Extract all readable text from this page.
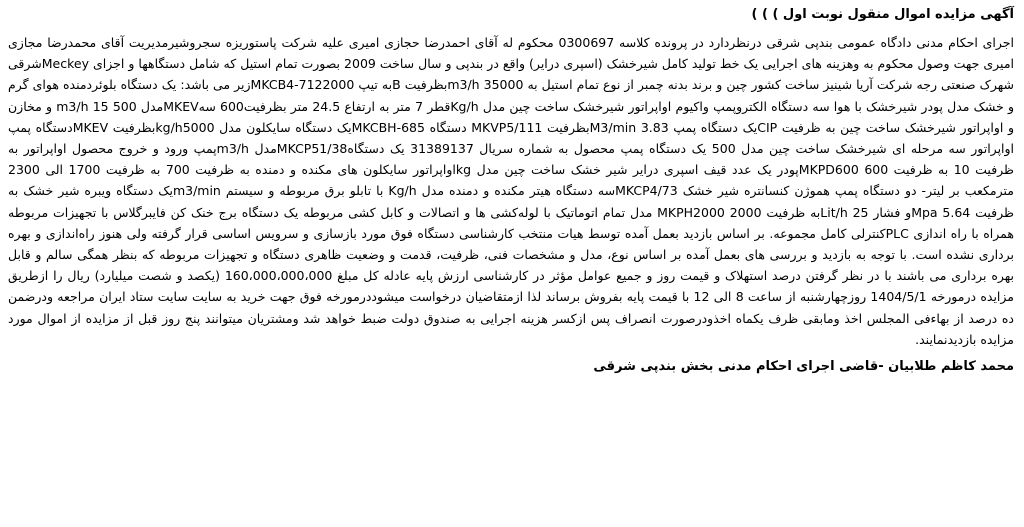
آگهی مزایده اموال منقول نوبت اول ) ) )

اجرای احکام مدنی دادگاه عمومی بندپی شرقی درنظردارد در پرونده کلاسه 0300697 محکوم له آقای احمدرضا حجازی امیری علیه شرکت پاستوریزه سجروشیرمدیریت آقای محمدرضا مجازی امیری جهت وصول محکوم به وهزینه های اجرایی یک خط تولید کامل شیرخشک (اسپری درایر) واقع در بندپی و سال ساخت 2009 بصورت تمام استیل که شامل دستگاهها و اجزای Meckeyشرقی شهرک صنعتی رجه شرکت آریا شینیز ساخت کشور چین و برند بدنه چمبر از نوع تمام استیل به 35000 m3/hبظرفیت Bبه تیپ MKCB4-7122000زیر می باشد: یک دستگاه بلوئردمنده هوای گرم و خشک مدل پودر شیرخشک با هوا سه دستگاه الکتروپمپ واکیوم اواپراتور شیرخشک ساخت چین مدل Kg/hقطر 7 متر به ارتفاع 24.5 متر بظرفیت600 سهMKEVمدل 500 15 m3/h و مخازن و اواپراتور شیرخشک ساخت چین به ظرفیت CIPیک دستگاه پمپ 3.83 M3/minبظرفیت MKVP5/111 دستگاه MKCBH-685یک دستگاه سایکلون مدل kg/h5000بظرفیت MKEVدستگاه پمپ اواپراتور سه مرحله ای شیرخشک ساخت چین مدل 500 یک دستگاه پمپ محصول به شماره سریال 31389137 یک دستگاهMKCP51/38مدل m3/hپمپ ورود و خروج محصول اواپراتور به ظرفیت 10 به ظرفیت 600 MKPD600پودر یک عدد قیف اسپری درایر شیر خشک ساخت چین مدل kgاواپراتور سایکلون های مکنده و دمنده به ظرفیت 700 به ظرفیت 1700 الی 2300 مترمکعب بر لیتر- دو دستگاه پمپ هموژن کنسانتره شیر خشک MKCP4/73سه دستگاه هیتر مکنده و دمنده مدل Kg/h با تابلو برق مربوطه و سیستم m3/minیک دستگاه ویبره شیر خشک به ظرفیت 5.64 Mpaو فشار 25 Lit/hبه ظرفیت 2000 MKPH2000 مدل تمام اتوماتیک با لوله‌کشی ها و اتصالات و کابل کشی مربوطه یک دستگاه برج خنک کن فایبرگلاس با تجهیزات مربوطه همراه با راه اندازی PLCکنترلی کامل مجموعه. بر اساس بازدید بعمل آمده توسط هیات منتخب کارشناسی دستگاه فوق مورد بازسازی و سرویس اساسی قرار گرفته ولی هنوز راه‌اندازی و بهره برداری نشده است. با توجه به بازدید و بررسی های بعمل آمده بر اساس نوع، مدل و مشخصات فنی، ظرفیت، قدمت و وضعیت ظاهری دستگاه و تجهیزات مربوطه که بنظر همگی سالم و قابل بهره برداری می باشند با در نظر گرفتن درصد استهلاک و قیمت روز و جمیع عوامل مؤثر در کارشناسی ارزش پایه عادله کل مبلغ 160،000،000،000 (یکصد و شصت میلیارد) ریال را ازطریق مزایده درمورخه 1404/5/1 روزچهارشنبه از ساعت 8 الی 12 با قیمت پایه بفروش برساند لذا ازمتقاضیان درخواست میشوددرمورخه فوق جهت خرید به سایت سایت ستاد ایران مراجعه ودرضمن ده درصد از بهاءفی المجلس اخذ ومابقی ظرف یکماه اخذودرصورت انصراف پس ازکسر هزینه اجرایی به صندوق دولت ضبط خواهد شد ومشتریان میتوانند پنج روز قبل از مزایده از اموال مورد مزایده بازدیدنمایند.

محمد کاظم طلابیان -قاضی اجرای احکام مدنی بخش بندپی شرقی
